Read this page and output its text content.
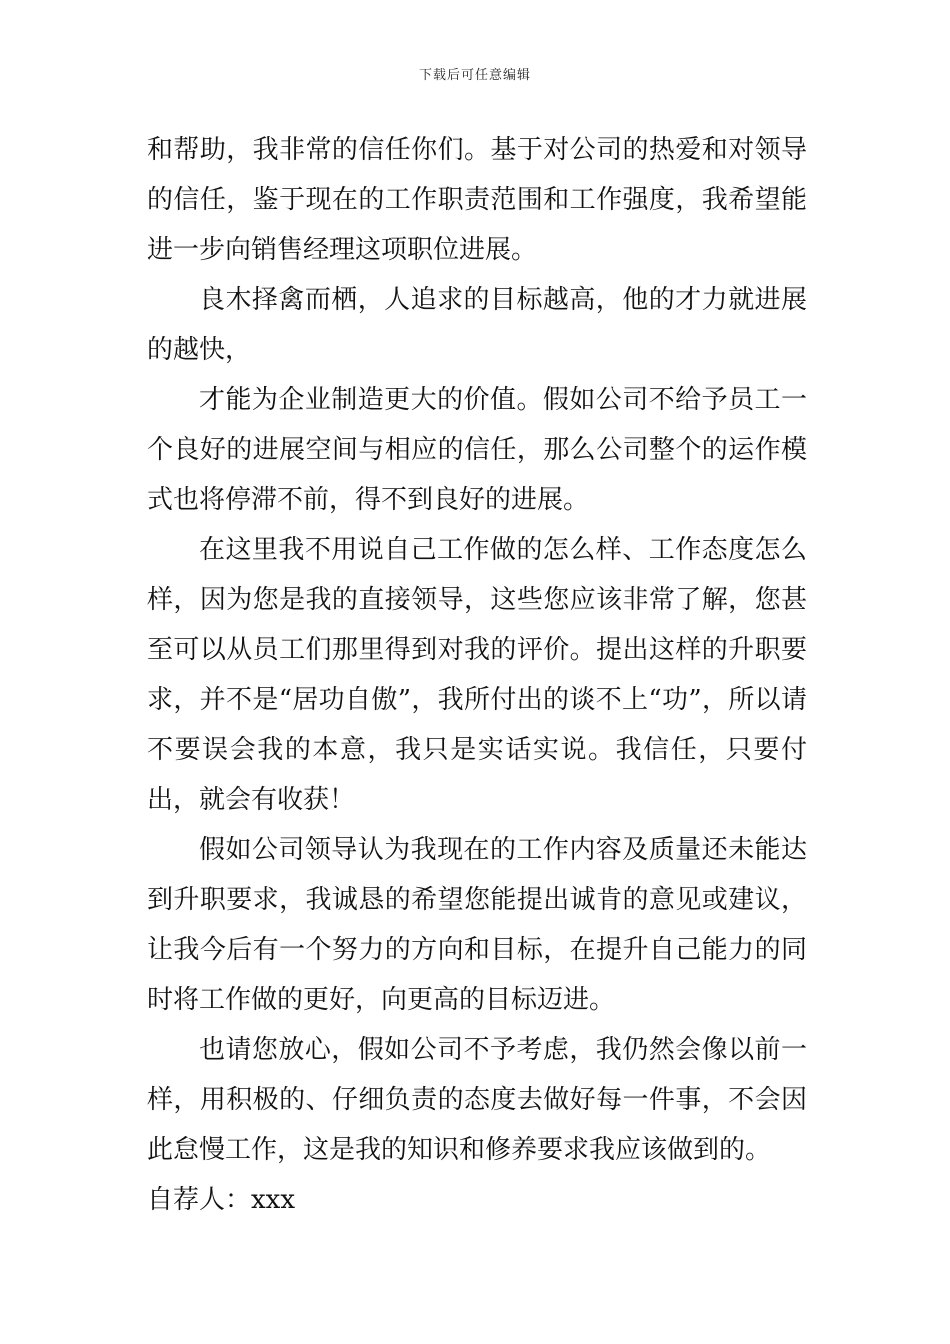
下载后可任意编辑

和帮助，我非常的信任你们。基于对公司的热爱和对领导的信任，鉴于现在的工作职责范围和工作强度，我希望能进一步向销售经理这项职位进展。

良木择禽而栖，人追求的目标越高，他的才力就进展的越快，

才能为企业制造更大的价值。假如公司不给予员工一个良好的进展空间与相应的信任，那么公司整个的运作模式也将停滞不前，得不到良好的进展。

在这里我不用说自己工作做的怎么样、工作态度怎么样，因为您是我的直接领导，这些您应该非常了解，您甚至可以从员工们那里得到对我的评价。提出这样的升职要求，并不是“居功自傲”，我所付出的谈不上“功”，所以请不要误会我的本意，我只是实话实说。我信任，只要付出，就会有收获！

假如公司领导认为我现在的工作内容及质量还未能达到升职要求，我诚恳的希望您能提出诚肯的意见或建议，让我今后有一个努力的方向和目标，在提升自己能力的同时将工作做的更好，向更高的目标迈进。

也请您放心，假如公司不予考虑，我仍然会像以前一样，用积极的、仔细负责的态度去做好每一件事，不会因此怠慢工作，这是我的知识和修养要求我应该做到的。

自荐人：xxx
